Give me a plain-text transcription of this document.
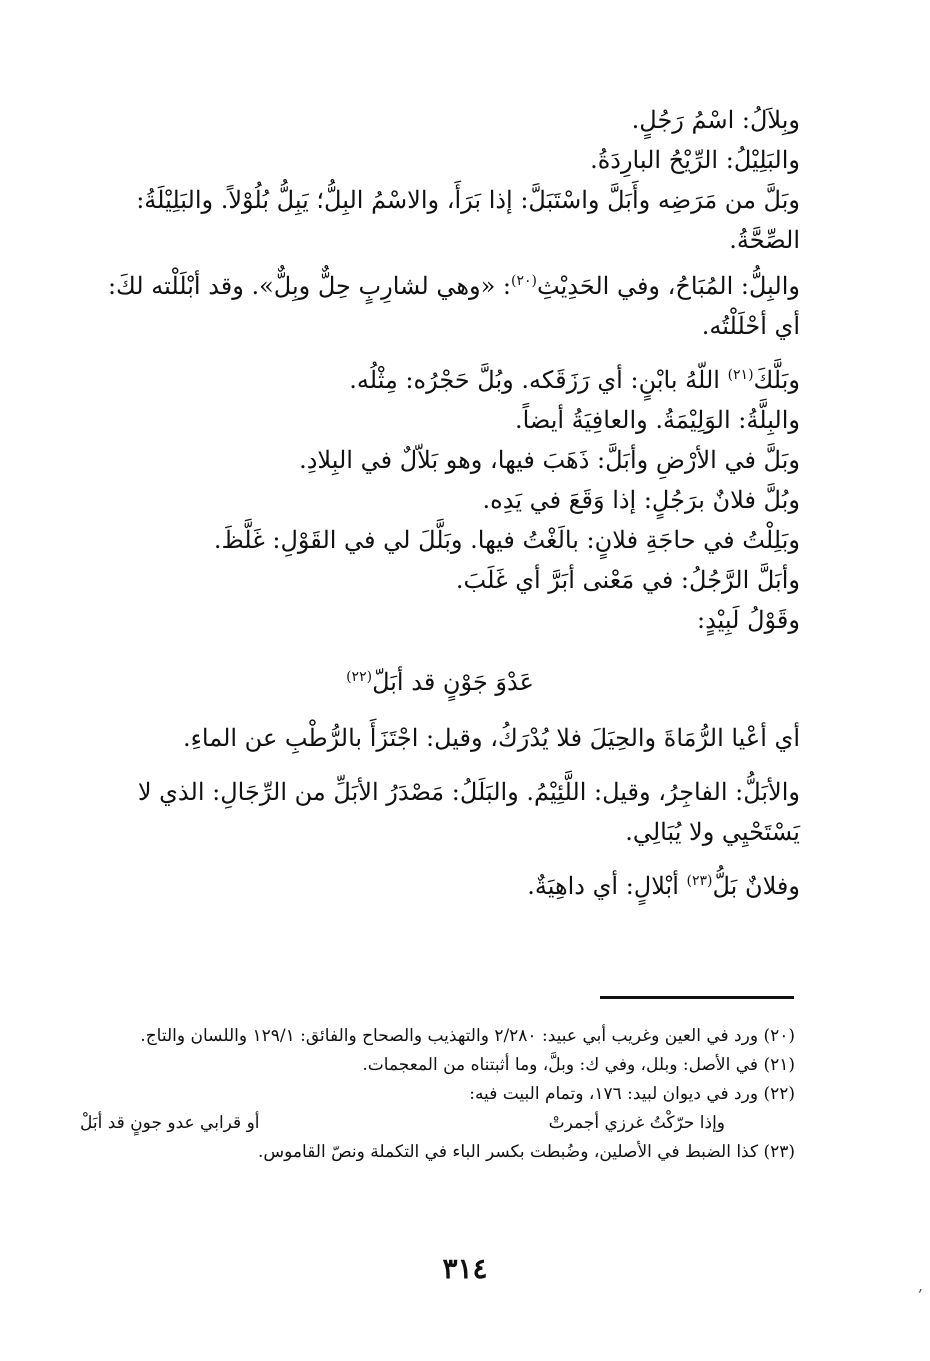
وبِلاَلُ: اسْمُ رَجُلٍ.

والبَلِيْلُ: الرِّيْحُ البارِدَةُ.

وبَلَّ من مَرَضِه وأَبَلَّ واسْتَبَلَّ: إذا بَرَأَ، والاسْمُ البِلُّ؛ يَبِلُّ بُلُوْلاً. والبَلِيْلَةُ: الصِّحَّةُ.

والبِلُّ: المُبَاحُ، وفي الحَدِيْثِ$^{(٢٠)}$: «وهي لشارِبٍ حِلٌّ وبِلٌّ». وقد أبْلَلْته لكَ: أي أحْلَلْتُه.

وبَلَّكَ$^{(٢١)}$ اللّهُ بابْنٍ: أي رَزَقَكه. وبُلَّ حَجْرُه: مِثْلُه.

والبِلَّةُ: الوَلِيْمَةُ. والعافِيَةُ أيضاً.

وبَلَّ في الأرْضِ وأبَلَّ: ذَهَبَ فيها، وهو بَلاّلٌ في البِلادِ.

وبُلَّ فلانٌ برَجُلٍ: إذا وَقَعَ في يَدِه.

وبَلِلْتُ في حاجَةِ فلانٍ: بالَغْتُ فيها. وبَلَّلَ لي في القَوْلِ: غَلَّظَ.

وأبَلَّ الرَّجُلُ: في مَعْنى أبَرَّ أي غَلَبَ.

وقَوْلُ لَبِيْدٍ:

عَدْوَ جَوْنٍ قد أبَلّ$^{(٢٢)}$

أي أعْيا الرُّمَاةَ والحِيَلَ فلا يُدْرَكُ، وقيل: اجْتَزَأَ بالرُّطْبِ عن الماءِ.

والأبَلُّ: الفاجِرُ، وقيل: اللَّئِيْمُ. والبَلَلُ: مَصْدَرُ الأبَلِّ من الرِّجَالِ: الذي لا يَسْتَحْيِي ولا يُبَالِي.

وفلانٌ بَلُّ$^{(٢٣)}$ أبْلالٍ: أي داهِيَةٌ.

(٢٠) ورد في العين وغريب أبي عبيد: ٢/٢٨٠ والتهذيب والصحاح والفائق: ١٢٩/١ واللسان والتاج.

(٢١) في الأصل: وبلل، وفي ك: وبلَّ، وما أثبتناه من المعجمات.

(٢٢) ورد في ديوان لبيد: ١٧٦، وتمام البيت فيه:

وإذا حرّكْتُ غرزي أجمرتْ
أو قرابي عدو جونٍ قد أبَلْ

(٢٣) كذا الضبط في الأصلين، وضُبطت بكسر الباء في التكملة ونصّ القاموس.

٣١٤
,
